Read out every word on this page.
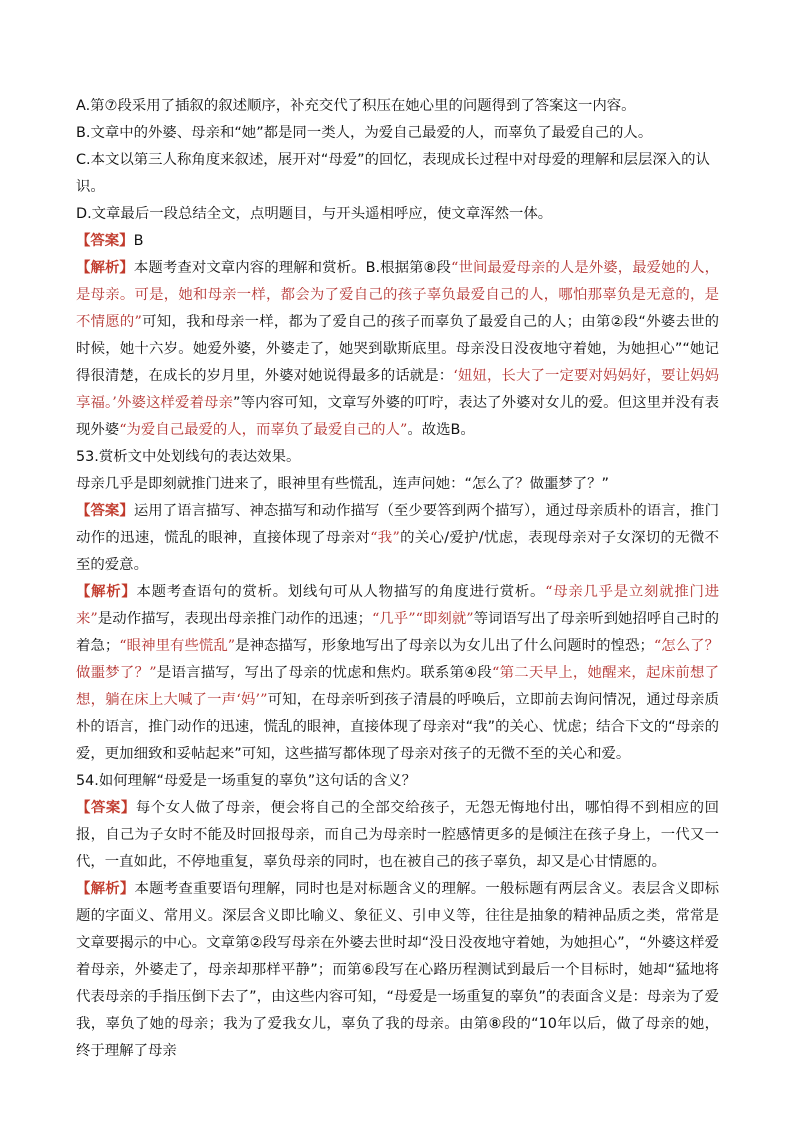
A.第⑦段采用了插叙的叙述顺序，补充交代了积压在她心里的问题得到了答案这一内容。

B.文章中的外婆、母亲和“她”都是同一类人，为爱自己最爱的人，而辜负了最爱自己的人。

C.本文以第三人称角度来叙述，展开对“母爱”的回忆，表现成长过程中对母爱的理解和层层深入的认识。

D.文章最后一段总结全文，点明题目，与开头遥相呼应，使文章浑然一体。

【答案】B

【解析】本题考查对文章内容的理解和赏析。B.根据第⑧段“世间最爱母亲的人是外婆，最爱她的人，是母亲。可是，她和母亲一样，都会为了爱自己的孩子辜负最爱自己的人，哪怕那辜负是无意的，是不情愿的”可知，我和母亲一样，都为了爱自己的孩子而辜负了最爱自己的人；由第②段“外婆去世的时候，她十六岁。她爱外婆，外婆走了，她哭到歇斯底里。母亲没日没夜地守着她，为她担心”“她记得很清楚，在成长的岁月里，外婆对她说得最多的话就是：‘妞妞，长大了一定要对妈妈好，要让妈妈享福。’外婆这样爱着母亲”等内容可知，文章写外婆的叮咛，表达了外婆对女儿的爱。但这里并没有表现外婆“为爱自己最爱的人，而辜负了最爱自己的人”。故选B。

53.赏析文中处划线句的表达效果。

母亲几乎是即刻就推门进来了，眼神里有些慌乱，连声问她：“怎么了？做噩梦了？”

【答案】运用了语言描写、神态描写和动作描写（至少要答到两个描写），通过母亲质朴的语言，推门动作的迅速，慌乱的眼神，直接体现了母亲对“我”的关心/爱护/忧虑，表现母亲对子女深切的无微不至的爱意。

【解析】本题考查语句的赏析。划线句可从人物描写的角度进行赏析。“母亲几乎是立刻就推门进来”是动作描写，表现出母亲推门动作的迅速；“几乎”“即刻就”等词语写出了母亲听到她招呼自己时的着急；“眼神里有些慌乱”是神态描写，形象地写出了母亲以为女儿出了什么问题时的惶恐；“怎么了？做噩梦了？”是语言描写，写出了母亲的忧虑和焦灼。联系第④段“第二天早上，她醒来，起床前想了想，躺在床上大喊了一声‘妈’”可知，在母亲听到孩子清晨的呼唤后，立即前去询问情况，通过母亲质朴的语言，推门动作的迅速，慌乱的眼神，直接体现了母亲对“我”的关心、忧虑；结合下文的“母亲的爱，更加细致和妥帖起来”可知，这些描写都体现了母亲对孩子的无微不至的关心和爱。

54.如何理解“母爱是一场重复的辜负”这句话的含义？

【答案】每个女人做了母亲，便会将自己的全部交给孩子，无怨无悔地付出，哪怕得不到相应的回报，自己为子女时不能及时回报母亲，而自己为母亲时一腔感情更多的是倾注在孩子身上，一代又一代，一直如此，不停地重复，辜负母亲的同时，也在被自己的孩子辜负，却又是心甘情愿的。

【解析】本题考查重要语句理解，同时也是对标题含义的理解。一般标题有两层含义。表层含义即标题的字面义、常用义。深层含义即比喻义、象征义、引申义等，往往是抽象的精神品质之类，常常是文章要揭示的中心。文章第②段写母亲在外婆去世时却“没日没夜地守着她，为她担心”，“外婆这样爱着母亲，外婆走了，母亲却那样平静”；而第⑥段写在心路历程测试到最后一个目标时，她却“猛地将代表母亲的手指压倒下去了”，由这些内容可知，“母爱是一场重复的辜负”的表面含义是：母亲为了爱我，辜负了她的母亲；我为了爱我女儿，辜负了我的母亲。由第⑧段的“10年以后，做了母亲的她，终于理解了母亲
